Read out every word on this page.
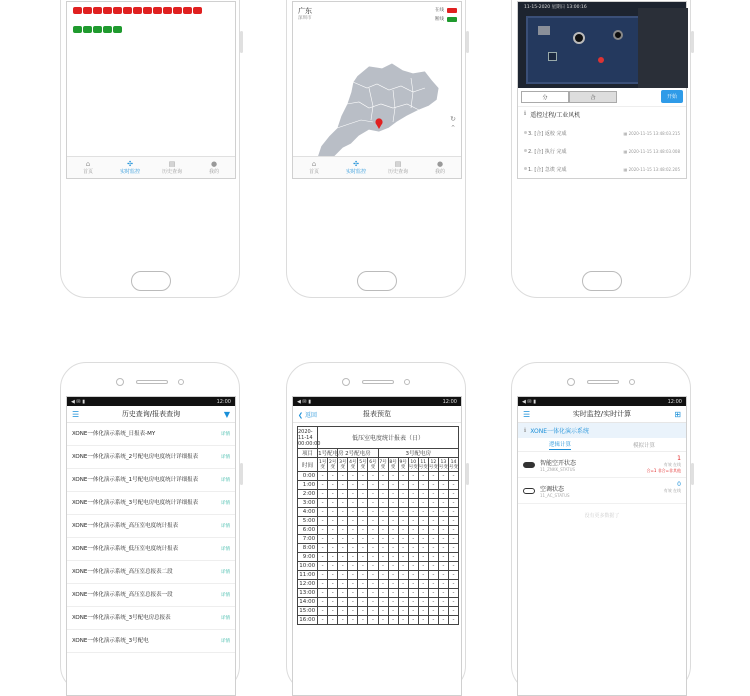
⌂
首页
✣
实时监控
▤
历史查询
●
我的
广东
深圳市
在线
断线
↻
⌃
⌂
首页
✣
实时监控
▤
历史查询
●
我的
11-15-2020 星期日 13:00:16
分	合	开始
ℹ 遥控过程/工业风机
3. [合] 返校 完成	▦ 2020-11-15 13:48:03.215
2. [合] 执行 完成	▦ 2020-11-15 13:48:03.008
1. [合] 急诶 完成	▦ 2020-11-15 13:48:02.205
◀ ✉ ▮	12:00
☰	历史查询/报表查询	▼
XONE一体化演示系统_日报表-MY	详情
XONE一体化演示系统_2号配电房电度统计详细报表	详情
XONE一体化演示系统_1号配电房电度统计详细报表	详情
XONE一体化演示系统_3号配电房电度统计详细报表	详情
XONE一体化演示系统_高压室电度统计报表	详情
XONE一体化演示系统_低压室电度统计报表	详情
XONE一体化演示系统_高压室总报表二段	详情
XONE一体化演示系统_高压室总报表一段	详情
XONE一体化演示系统_3号配电房总报表	详情
XONE一体化演示系统_3号配电	详情
◀ ✉ ▮	12:00
❮ 返回	报表预览
2020-11-14 00:00:00	低压室电度统计报表（日）													
项目	1号配电房		2号配电房				3号配电房							
时间	1号变	2号变	3号变	4号变	5号变	6号变	7号变	8号变	9号变	10号变	11号变	12号变	13号变	14号变
0:00	-	-	-	-	-	-	-	-	-	-	-	-	-	-
1:00	-	-	-	-	-	-	-	-	-	-	-	-	-	-
2:00	-	-	-	-	-	-	-	-	-	-	-	-	-	-
3:00	-	-	-	-	-	-	-	-	-	-	-	-	-	-
4:00	-	-	-	-	-	-	-	-	-	-	-	-	-	-
5:00	-	-	-	-	-	-	-	-	-	-	-	-	-	-
6:00	-	-	-	-	-	-	-	-	-	-	-	-	-	-
7:00	-	-	-	-	-	-	-	-	-	-	-	-	-	-
8:00	-	-	-	-	-	-	-	-	-	-	-	-	-	-
9:00	-	-	-	-	-	-	-	-	-	-	-	-	-	-
10:00	-	-	-	-	-	-	-	-	-	-	-	-	-	-
11:00	-	-	-	-	-	-	-	-	-	-	-	-	-	-
12:00	-	-	-	-	-	-	-	-	-	-	-	-	-	-
13:00	-	-	-	-	-	-	-	-	-	-	-	-	-	-
14:00	-	-	-	-	-	-	-	-	-	-	-	-	-	-
15:00	-	-	-	-	-	-	-	-	-	-	-	-	-	-
16:00	-	-	-	-	-	-	-	-	-	-	-	-	-	-
◀ ✉ ▮	12:00
☰	实时监控/实时计算	⊞
ℹ XONE一体化演示系统
逻辑计算	模拟计算
智能空开状态
11_ZNKK_STATUS
1
有效 在线
合=1 非合=非其他
空调状态
11_AC_STATUS
0
有效 在线
没有更多数据了
